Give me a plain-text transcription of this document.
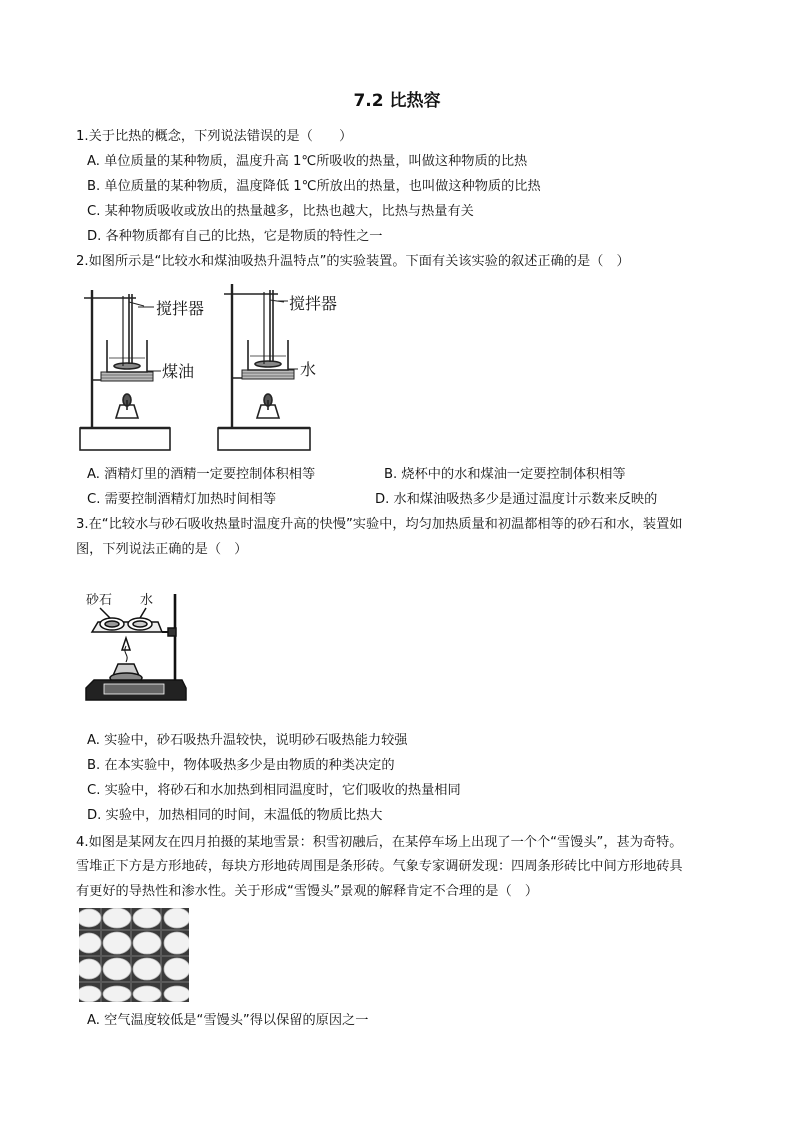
7.2 比热容
1.关于比热的概念，下列说法错误的是（　　）
A. 单位质量的某种物质，温度升高 1℃所吸收的热量，叫做这种物质的比热
B. 单位质量的某种物质，温度降低 1℃所放出的热量，也叫做这种物质的比热
C. 某种物质吸收或放出的热量越多，比热也越大，比热与热量有关
D. 各种物质都有自己的比热，它是物质的特性之一
2.如图所示是“比较水和煤油吸热升温特点”的实验装置。下面有关该实验的叙述正确的是（　）
搅拌器
煤油
搅拌器
水
A. 酒精灯里的酒精一定要控制体积相等	B. 烧杯中的水和煤油一定要控制体积相等
C. 需要控制酒精灯加热时间相等	D. 水和煤油吸热多少是通过温度计示数来反映的
3.在“比较水与砂石吸收热量时温度升高的快慢”实验中，均匀加热质量和初温都相等的砂石和水，装置如
图，下列说法正确的是（　）
砂石 水
A. 实验中，砂石吸热升温较快，说明砂石吸热能力较强
B. 在本实验中，物体吸热多少是由物质的种类决定的
C. 实验中，将砂石和水加热到相同温度时，它们吸收的热量相同
D. 实验中，加热相同的时间，末温低的物质比热大
4.如图是某网友在四月拍摄的某地雪景：积雪初融后，在某停车场上出现了一个个“雪馒头”，甚为奇特。
雪堆正下方是方形地砖，每块方形地砖周围是条形砖。气象专家调研发现：四周条形砖比中间方形地砖具
有更好的导热性和渗水性。关于形成“雪馒头”景观的解释肯定不合理的是（　）
A. 空气温度较低是“雪馒头”得以保留的原因之一
